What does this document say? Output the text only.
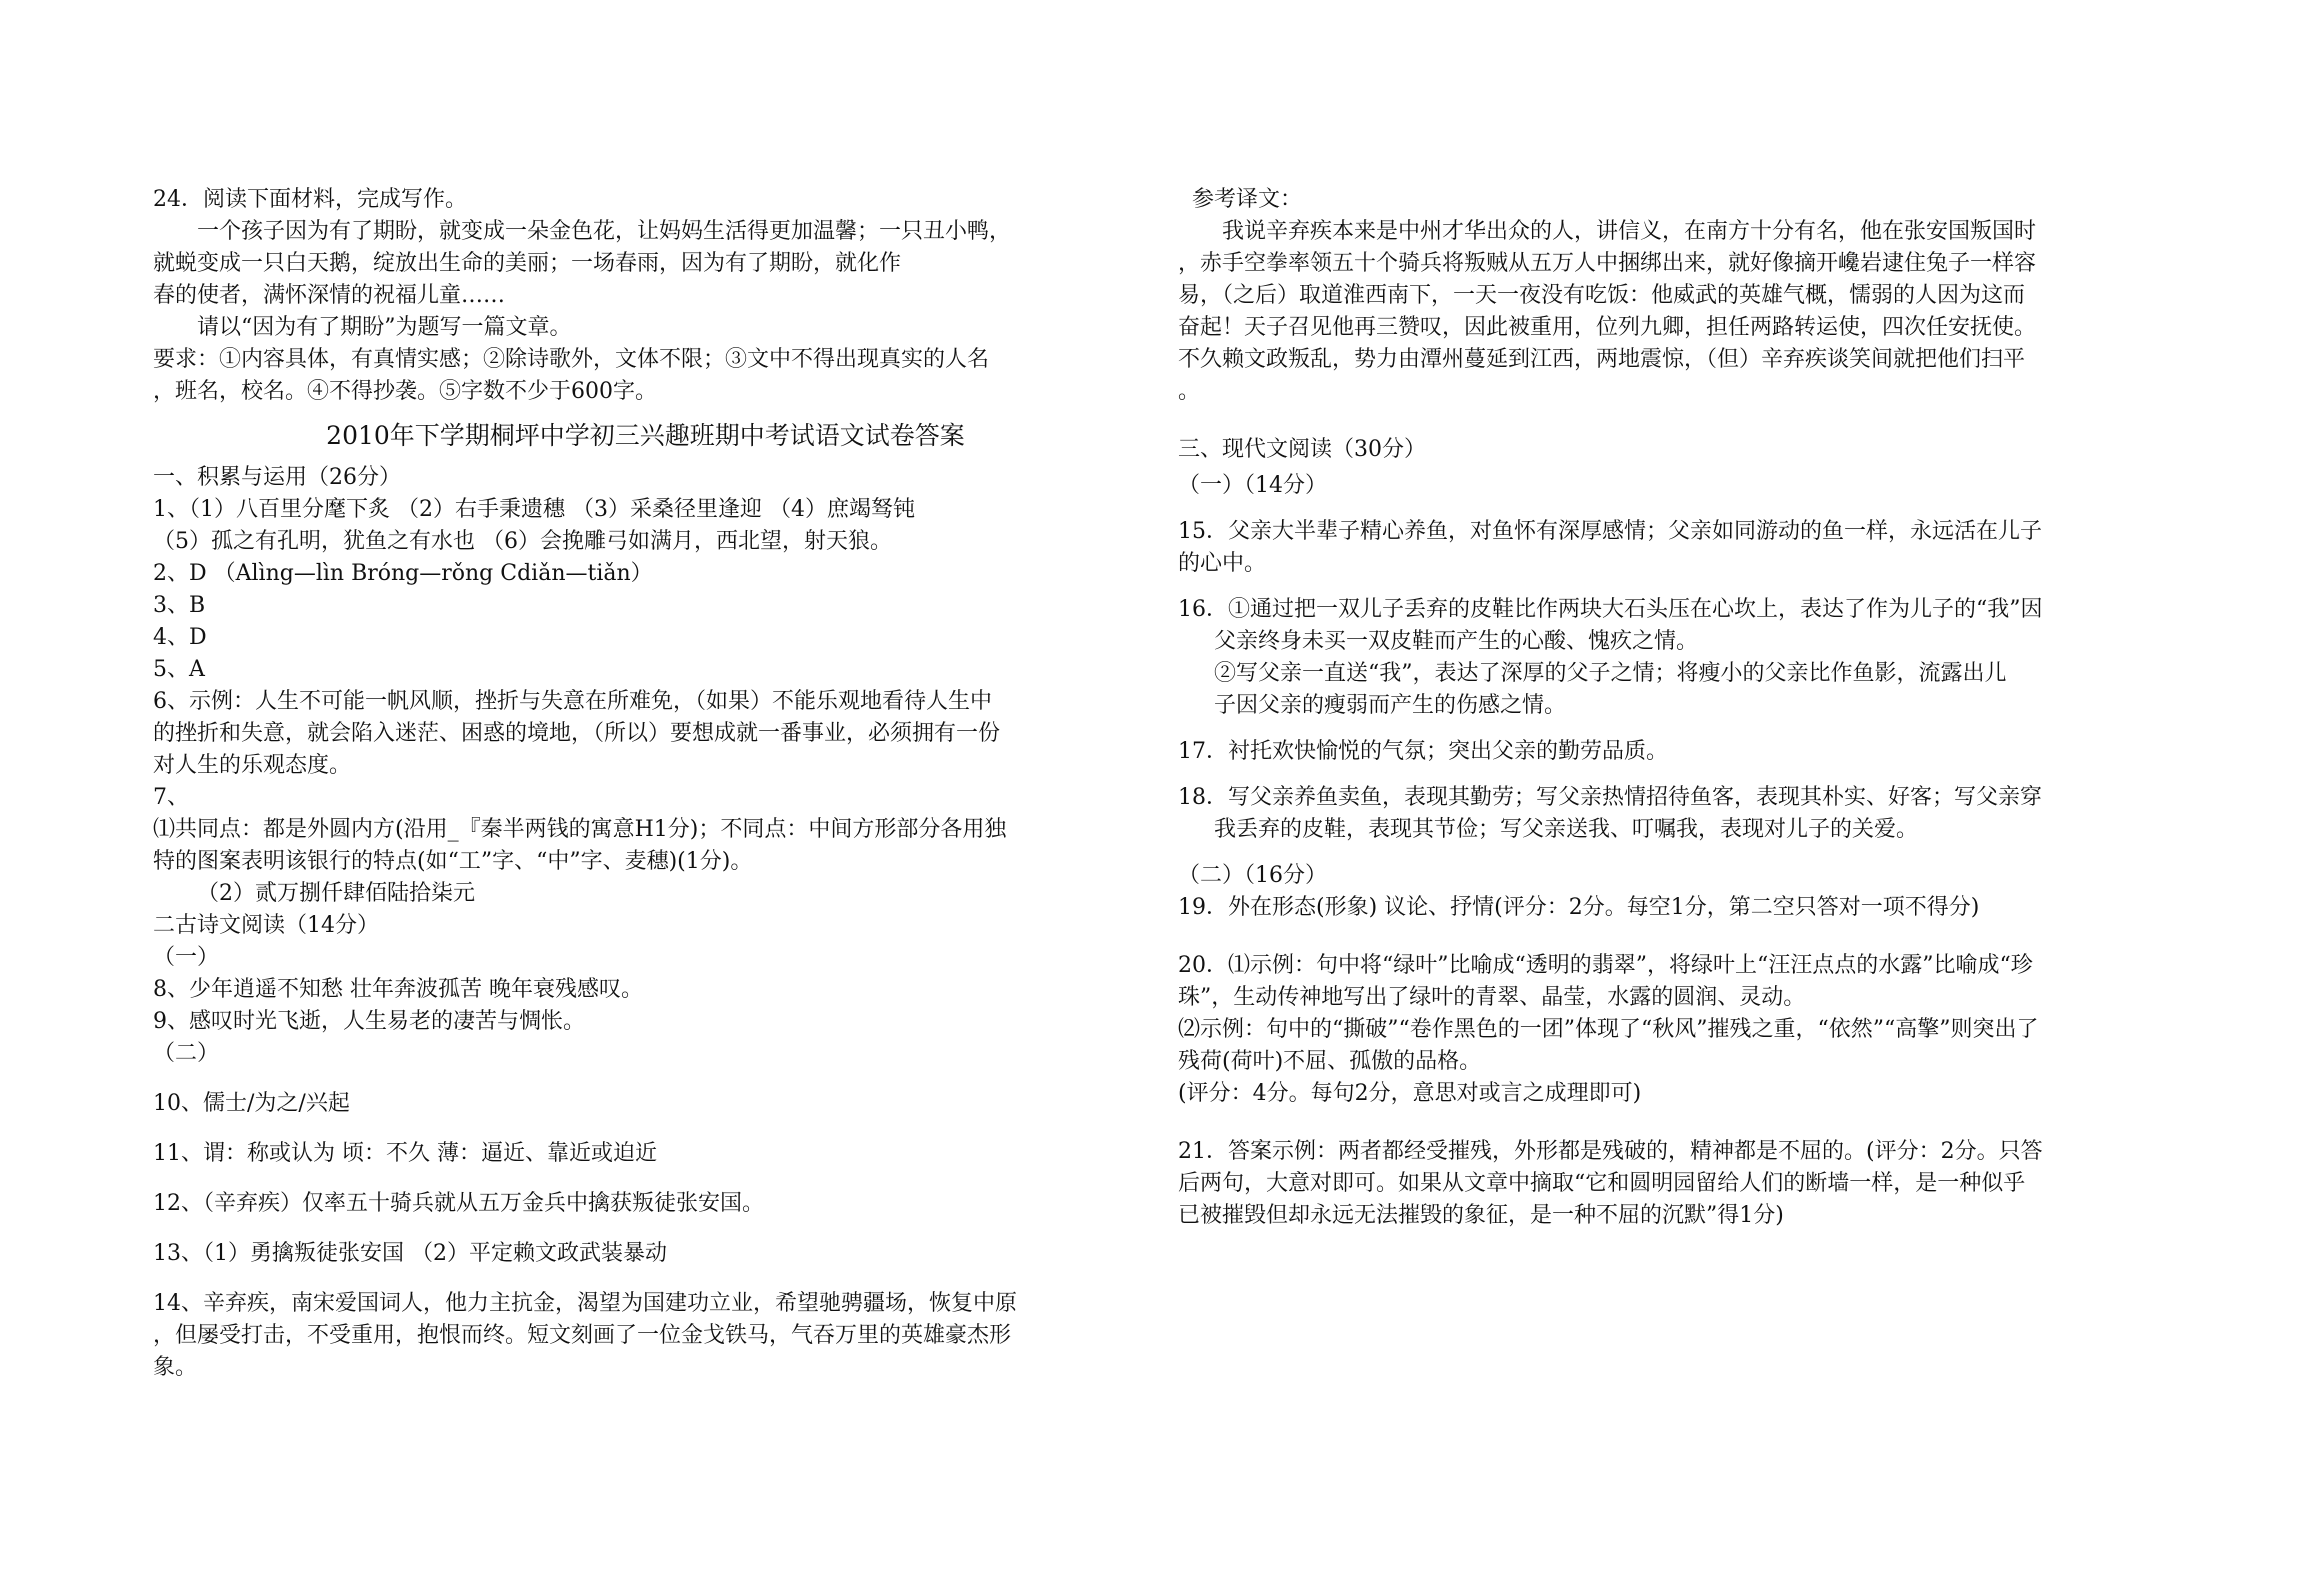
24．阅读下面材料，完成写作。

一个孩子因为有了期盼，就变成一朵金色花，让妈妈生活得更加温馨；一只丑小鸭，

就蜕变成一只白天鹅，绽放出生命的美丽；一场春雨，因为有了期盼，就化作

春的使者，满怀深情的祝福儿童……

请以“因为有了期盼”为题写一篇文章。

要求：①内容具体，有真情实感；②除诗歌外，文体不限；③文中不得出现真实的人名

，班名，校名。④不得抄袭。⑤字数不少于600字。

2010年下学期桐坪中学初三兴趣班期中考试语文试卷答案

一、积累与运用（26分）

1、（1）八百里分麾下炙 （2）右手秉遗穗 （3）采桑径里逢迎 （4）庶竭驽钝

（5）孤之有孔明，犹鱼之有水也 （6）会挽雕弓如满月，西北望，射天狼。

2、D （Alìng—lìn Bróng—rǒng Cdiǎn—tiǎn）

3、B

4、D

5、A

6、示例：人生不可能一帆风顺，挫折与失意在所难免，（如果）不能乐观地看待人生中

的挫折和失意，就会陷入迷茫、困惑的境地，（所以）要想成就一番事业，必须拥有一份

对人生的乐观态度。

7、

⑴共同点：都是外圆内方(沿用_『秦半两钱的寓意H1分)；不同点：中间方形部分各用独

特的图案表明该银行的特点(如“工”字、“中”字、麦穗)(1分)。

（2）贰万捌仟肆佰陆拾柒元

二古诗文阅读（14分）

（一）

8、少年逍遥不知愁 壮年奔波孤苦 晚年衰残感叹。

9、感叹时光飞逝，人生易老的凄苦与惆怅。

（二）

10、儒士/为之/兴起

11、谓：称或认为 顷：不久 薄：逼近、靠近或迫近

12、（辛弃疾）仅率五十骑兵就从五万金兵中擒获叛徒张安国。

13、（1）勇擒叛徒张安国 （2）平定赖文政武装暴动

14、辛弃疾，南宋爱国词人，他力主抗金，渴望为国建功立业，希望驰骋疆场，恢复中原

，但屡受打击，不受重用，抱恨而终。短文刻画了一位金戈铁马，气吞万里的英雄豪杰形

象。

参考译文：

我说辛弃疾本来是中州才华出众的人，讲信义，在南方十分有名，他在张安国叛国时

，赤手空拳率领五十个骑兵将叛贼从五万人中捆绑出来，就好像摘开巉岩逮住兔子一样容

易，（之后）取道淮西南下，一天一夜没有吃饭：他威武的英雄气概，懦弱的人因为这而

奋起！天子召见他再三赞叹，因此被重用，位列九卿，担任两路转运使，四次任安抚使。

不久赖文政叛乱，势力由潭州蔓延到江西，两地震惊，（但）辛弃疾谈笑间就把他们扫平

。

三、现代文阅读（30分）

（一）（14分）

15．父亲大半辈子精心养鱼，对鱼怀有深厚感情；父亲如同游动的鱼一样，永远活在儿子

的心中。

16．①通过把一双儿子丢弃的皮鞋比作两块大石头压在心坎上，表达了作为儿子的“我”因

父亲终身未买一双皮鞋而产生的心酸、愧疚之情。

②写父亲一直送“我”，表达了深厚的父子之情；将瘦小的父亲比作鱼影，流露出儿

子因父亲的瘦弱而产生的伤感之情。

17．衬托欢快愉悦的气氛；突出父亲的勤劳品质。

18．写父亲养鱼卖鱼，表现其勤劳；写父亲热情招待鱼客，表现其朴实、好客；写父亲穿

我丢弃的皮鞋，表现其节俭；写父亲送我、叮嘱我，表现对儿子的关爱。

（二）（16分）

19．外在形态(形象) 议论、抒情(评分：2分。每空1分，第二空只答对一项不得分)

20．⑴示例：句中将“绿叶”比喻成“透明的翡翠”，将绿叶上“汪汪点点的水露”比喻成“珍

珠”，生动传神地写出了绿叶的青翠、晶莹，水露的圆润、灵动。

⑵示例：句中的“撕破”“卷作黑色的一团”体现了“秋风”摧残之重，“依然”“高擎”则突出了

残荷(荷叶)不屈、孤傲的品格。

(评分：4分。每句2分，意思对或言之成理即可)

21．答案示例：两者都经受摧残，外形都是残破的，精神都是不屈的。(评分：2分。只答

后两句，大意对即可。如果从文章中摘取“它和圆明园留给人们的断墙一样，是一种似乎

已被摧毁但却永远无法摧毁的象征，是一种不屈的沉默”得1分)
